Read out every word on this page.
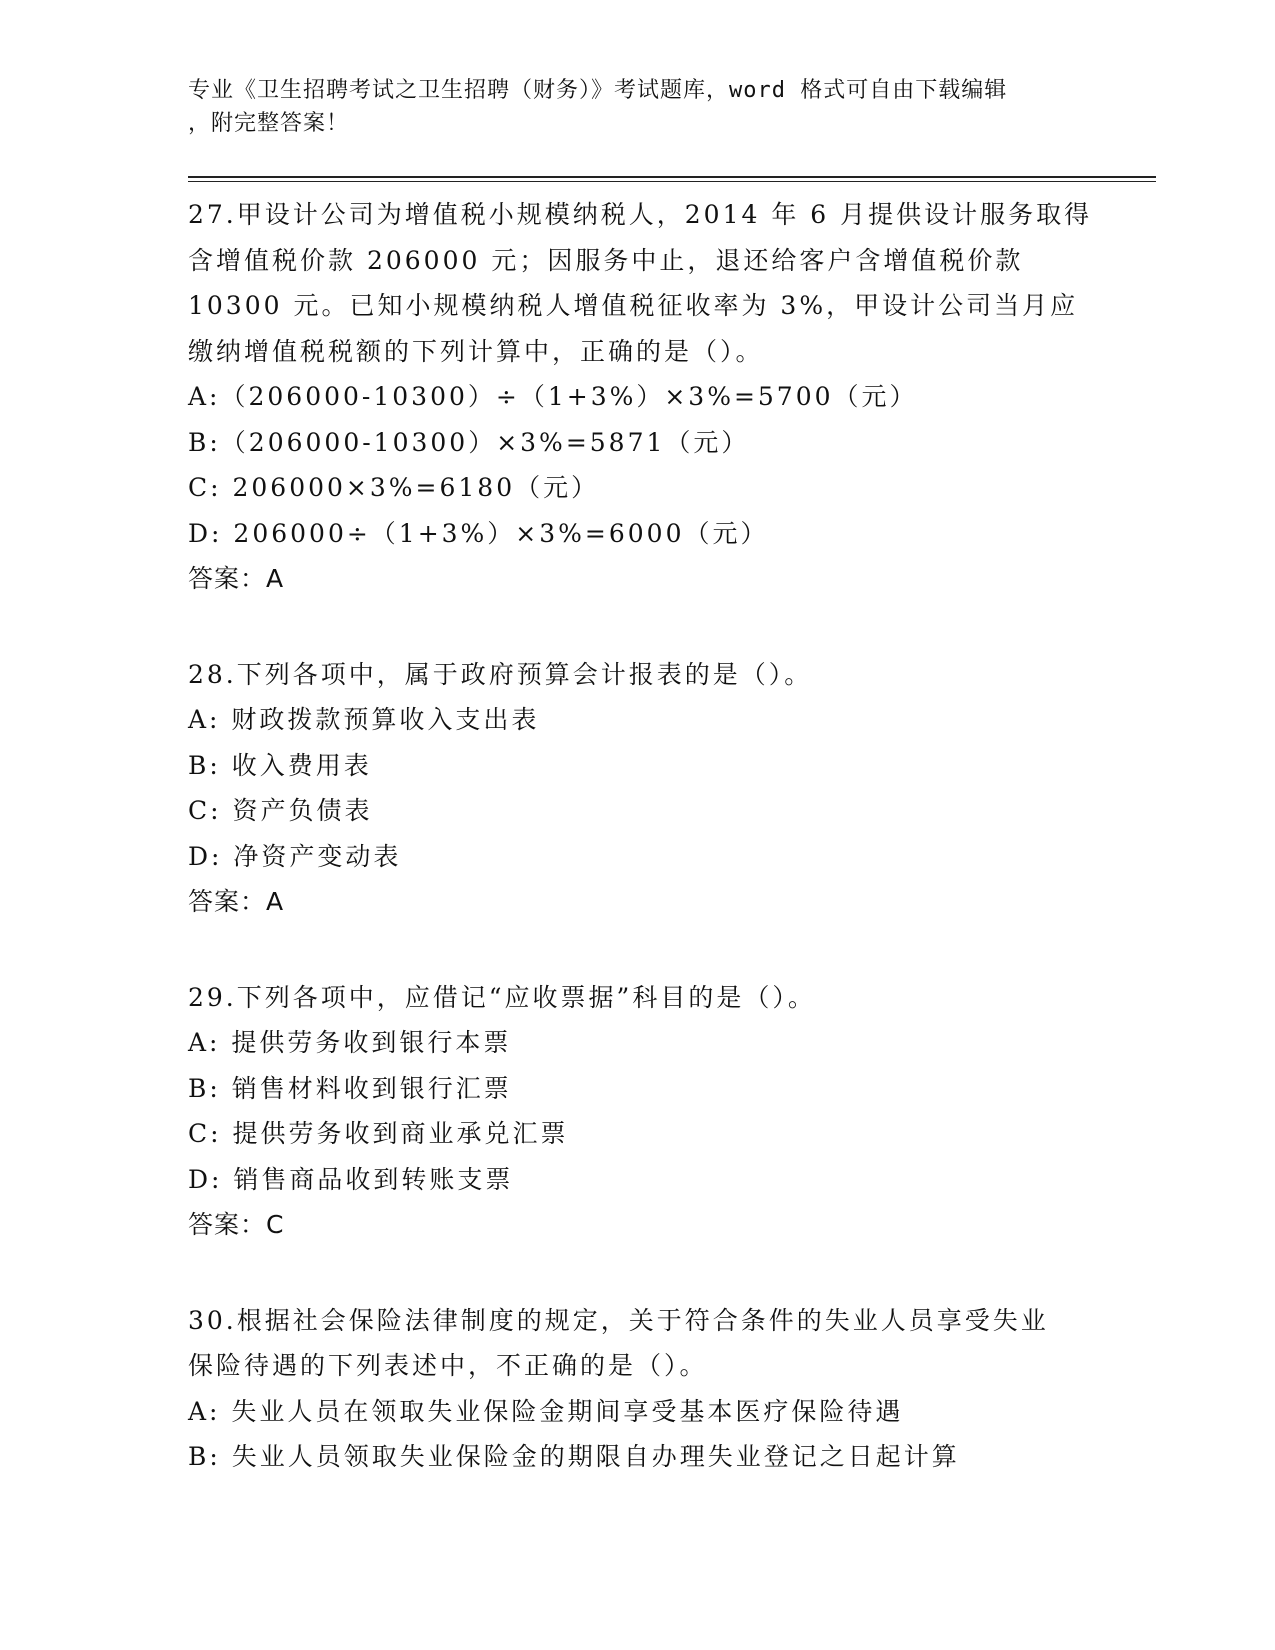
专业《卫生招聘考试之卫生招聘（财务）》考试题库，word 格式可自由下载编辑
，附完整答案！
27.甲设计公司为增值税小规模纳税人，2014 年 6 月提供设计服务取得
含增值税价款 206000 元；因服务中止，退还给客户含增值税价款
10300 元。已知小规模纳税人增值税征收率为 3%，甲设计公司当月应
缴纳增值税税额的下列计算中，正确的是（）。
A:（206000-10300）÷（1+3%）×3%=5700（元）
B:（206000-10300）×3%=5871（元）
C: 206000×3%=6180（元）
D: 206000÷（1+3%）×3%=6000（元）
答案：A
28.下列各项中，属于政府预算会计报表的是（）。
A: 财政拨款预算收入支出表
B: 收入费用表
C: 资产负债表
D: 净资产变动表
答案：A
29.下列各项中，应借记“应收票据”科目的是（）。
A: 提供劳务收到银行本票
B: 销售材料收到银行汇票
C: 提供劳务收到商业承兑汇票
D: 销售商品收到转账支票
答案：C
30.根据社会保险法律制度的规定，关于符合条件的失业人员享受失业
保险待遇的下列表述中，不正确的是（）。
A: 失业人员在领取失业保险金期间享受基本医疗保险待遇
B: 失业人员领取失业保险金的期限自办理失业登记之日起计算
